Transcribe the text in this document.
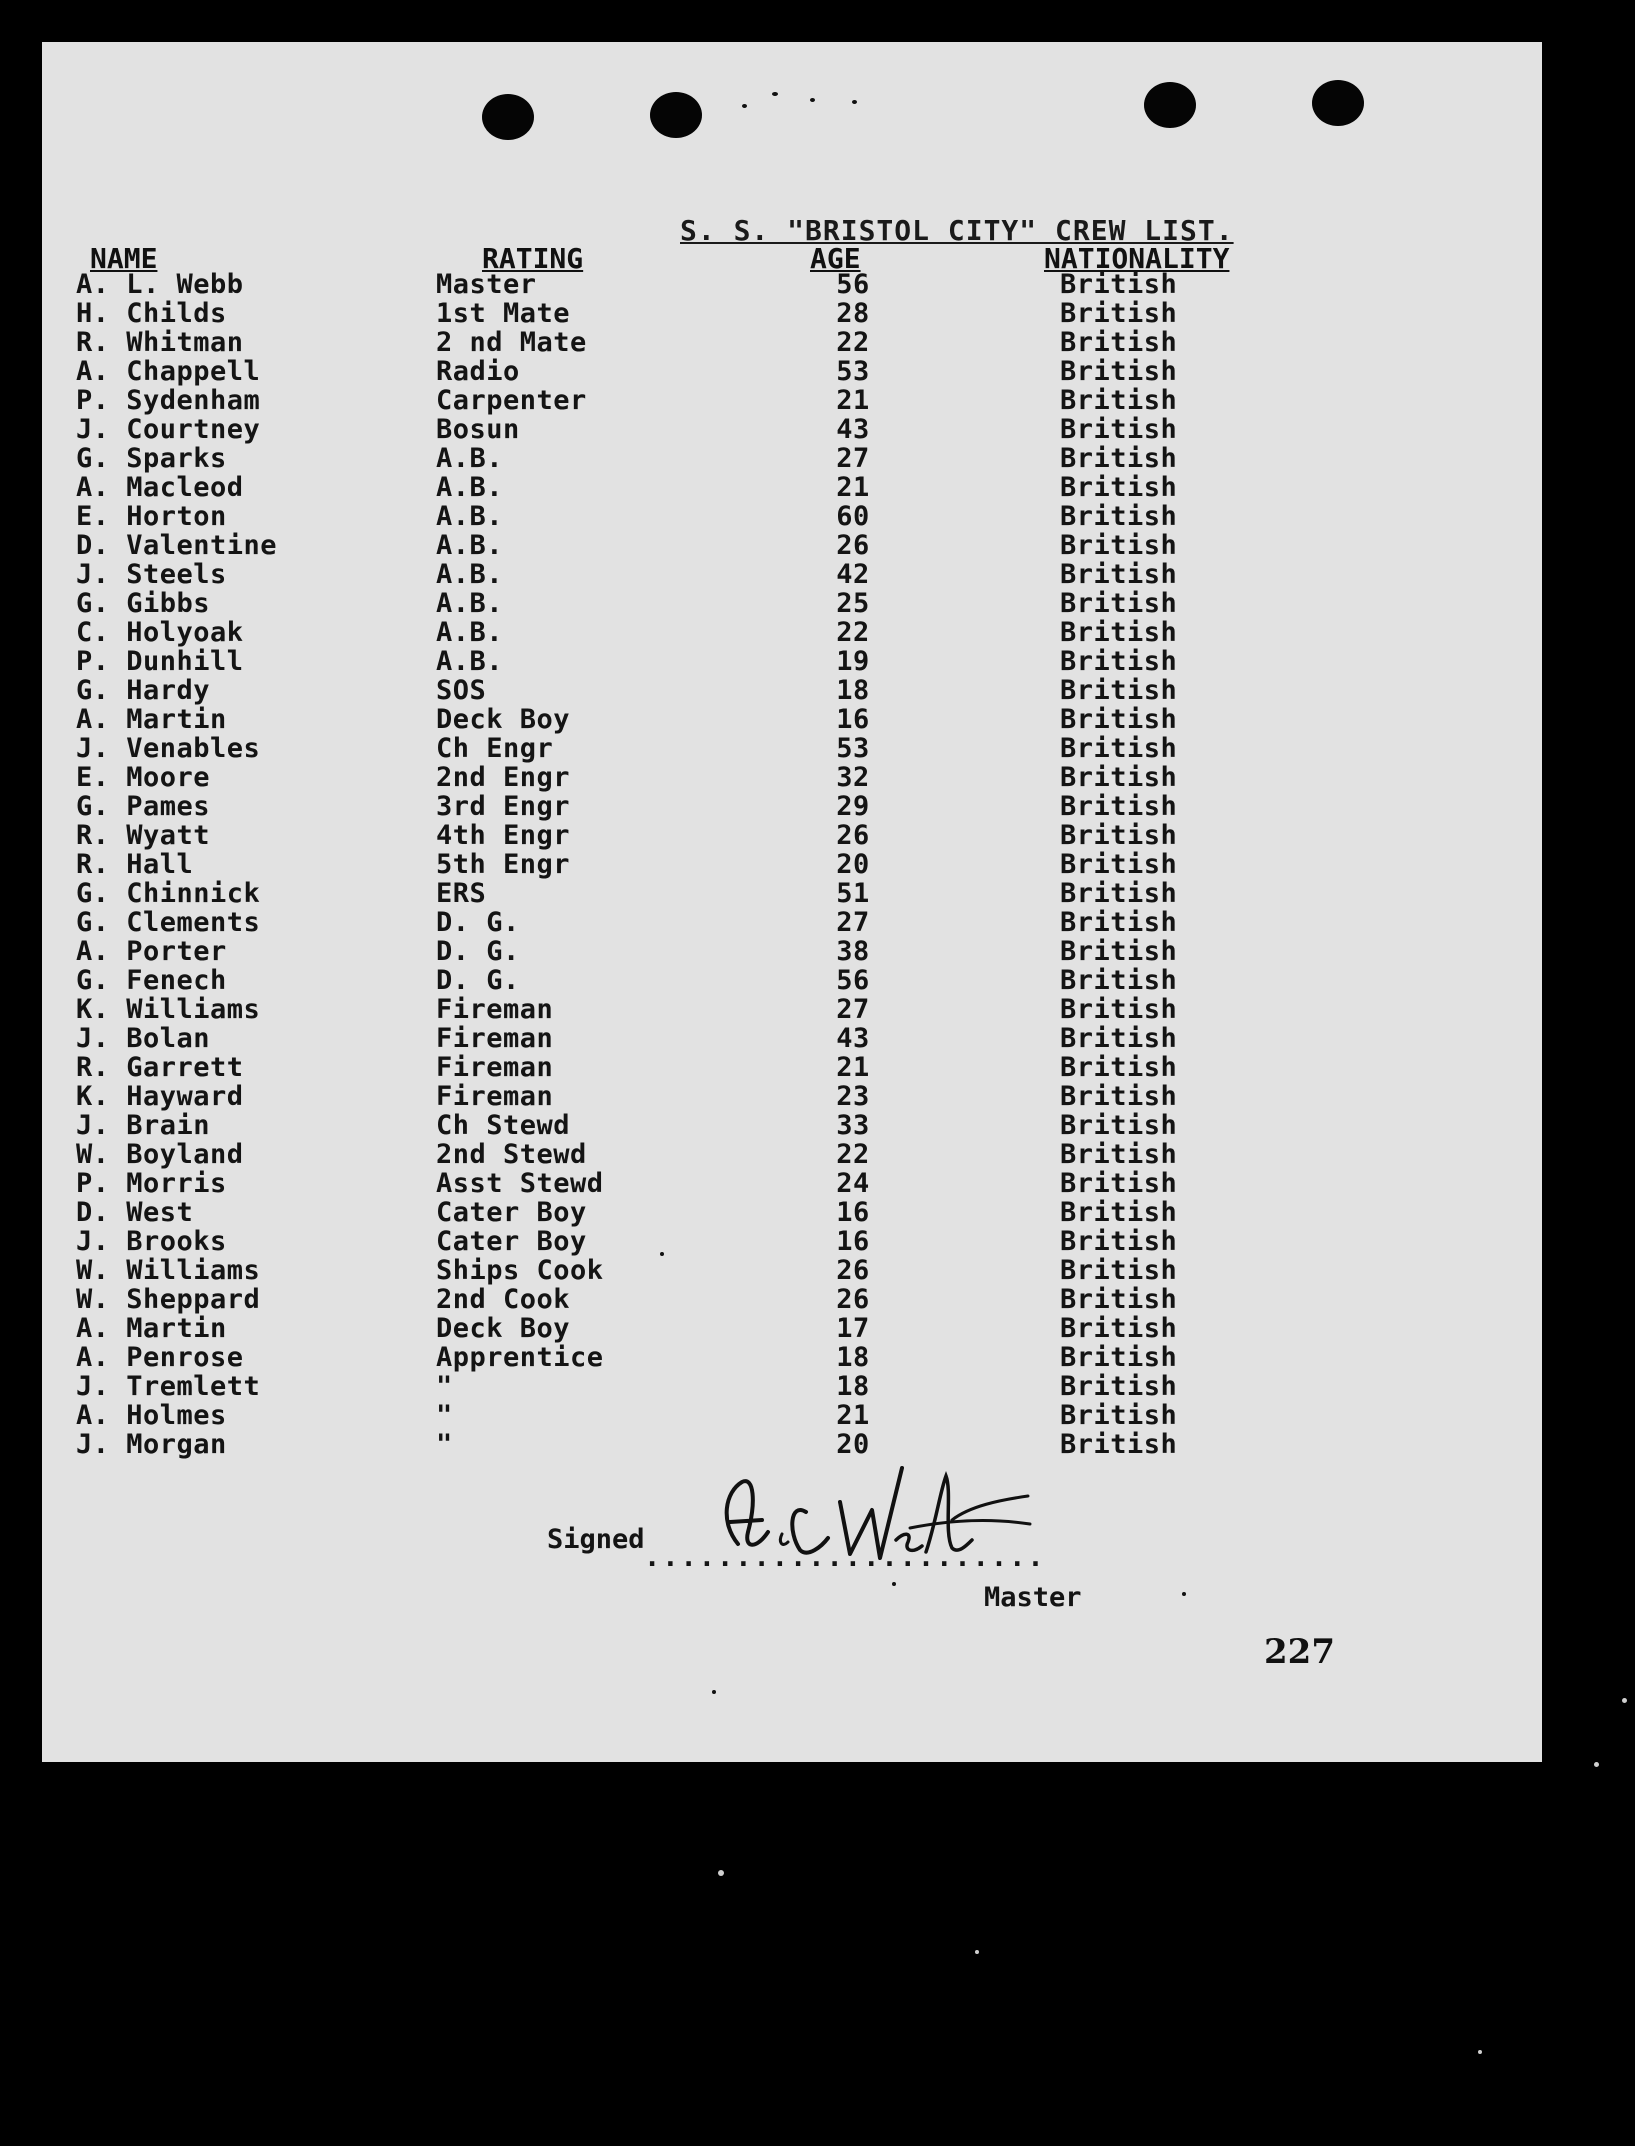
S. S. "BRISTOL CITY" CREW LIST.
NAME	RATING	AGE	NATIONALITY
A. L. Webb	Master	56	British
H. Childs	1st Mate	28	British
R. Whitman	2 nd Mate	22	British
A. Chappell	Radio	53	British
P. Sydenham	Carpenter	21	British
J. Courtney	Bosun	43	British
G. Sparks	A.B.	27	British
A. Macleod	A.B.	21	British
E. Horton	A.B.	60	British
D. Valentine	A.B.	26	British
J. Steels	A.B.	42	British
G. Gibbs	A.B.	25	British
C. Holyoak	A.B.	22	British
P. Dunhill	A.B.	19	British
G. Hardy	SOS	18	British
A. Martin	Deck Boy	16	British
J. Venables	Ch Engr	53	British
E. Moore	2nd Engr	32	British
G. Pames	3rd Engr	29	British
R. Wyatt	4th Engr	26	British
R. Hall	5th Engr	20	British
G. Chinnick	ERS	51	British
G. Clements	D. G.	27	British
A. Porter	D. G.	38	British
G. Fenech	D. G.	56	British
K. Williams	Fireman	27	British
J. Bolan	Fireman	43	British
R. Garrett	Fireman	21	British
K. Hayward	Fireman	23	British
J. Brain	Ch Stewd	33	British
W. Boyland	2nd Stewd	22	British
P. Morris	Asst Stewd	24	British
D. West	Cater Boy	16	British
J. Brooks	Cater Boy	16	British
W. Williams	Ships Cook	26	British
W. Sheppard	2nd Cook	26	British
A. Martin	Deck Boy	17	British
A. Penrose	Apprentice	18	British
J. Tremlett	"	18	British
A. Holmes	"	21	British
J. Morgan	"	20	British
Signed
......................
Master
227
